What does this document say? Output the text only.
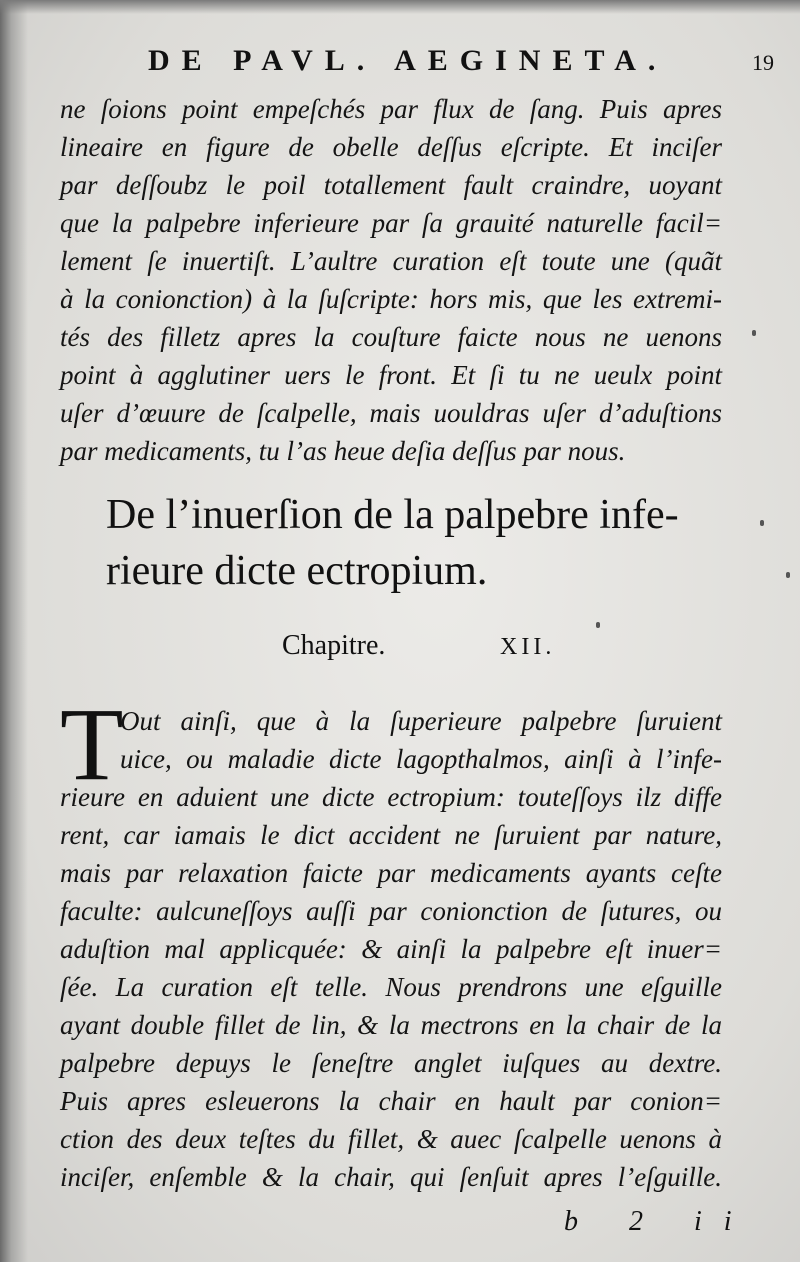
DE PAVL. AEGINETA.	19
ne ſoions point empeſchés par flux de ſang. Puis apres
lineaire en figure de obelle deſſus eſcripte. Et inciſer
par deſſoubz le poil totallement fault craindre, uoyant
que la palpebre inferieure par ſa grauité naturelle facil=
lement ſe inuertiſt. L’aultre curation eſt toute une (quãt
à la conionction) à la ſuſcripte: hors mis, que les extremi-
tés des filletz apres la couſture faicte nous ne uenons
point à agglutiner uers le front. Et ſi tu ne ueulx point
uſer d’œuure de ſcalpelle, mais uouldras uſer d’aduſtions
par medicaments, tu l’as heue deſia deſſus par nous.
De l’inuerſion de la palpebre infe-
rieure dicte ectropium.
Chapitre.	XII.
T
Out ainſi, que à la ſuperieure palpebre ſuruient
uice, ou maladie dicte lagopthalmos, ainſi à l’infe-
rieure en aduient une dicte ectropium: touteſſoys ilz diffe
rent, car iamais le dict accident ne ſuruient par nature,
mais par relaxation faicte par medicaments ayants ceſte
faculte: aulcuneſſoys auſſi par conionction de ſutures, ou
aduſtion mal applicquée: & ainſi la palpebre eſt inuer=
ſée. La curation eſt telle. Nous prendrons une eſguille
ayant double fillet de lin, & la mectrons en la chair de la
palpebre depuys le ſeneſtre anglet iuſques au dextre.
Puis apres esleuerons la chair en hault par conion=
ction des deux teſtes du fillet, & auec ſcalpelle uenons à
inciſer, enſemble & la chair, qui ſenſuit apres l’eſguille.
b 2 ii
